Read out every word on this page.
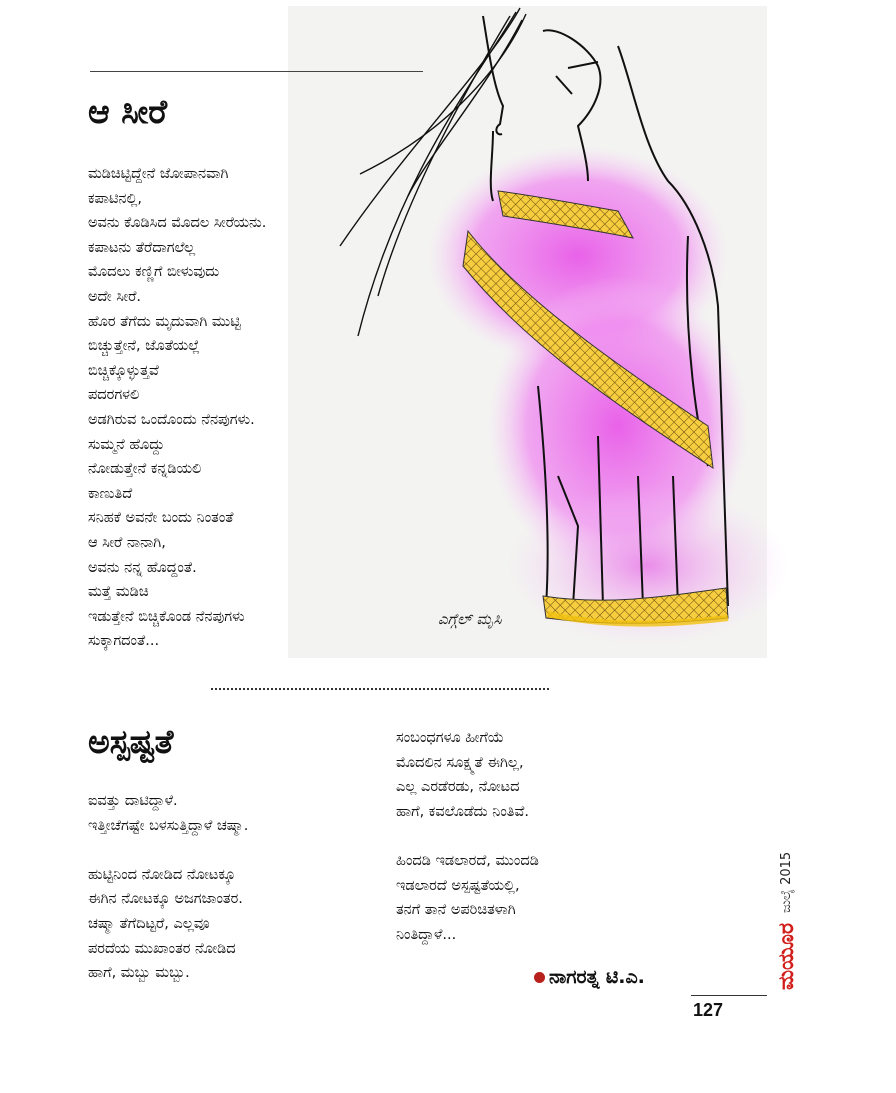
ಎಗ್ಗೆಲ್ ಮೃಸಿ
ಆ ಸೀರೆ
ಮಡಿಚಿಟ್ಟಿದ್ದೇನೆ ಜೋಪಾನವಾಗಿ
ಕಪಾಟಿನಲ್ಲಿ,
ಅವನು ಕೊಡಿಸಿದ ಮೊದಲ ಸೀರೆಯನು.
ಕಪಾಟನು ತೆರೆದಾಗಲೆಲ್ಲ
ಮೊದಲು ಕಣ್ಣಿಗೆ ಬೀಳುವುದು
ಅದೇ ಸೀರೆ.
ಹೊರ ತೆಗೆದು ಮೃದುವಾಗಿ ಮುಟ್ಟಿ
ಬಿಚ್ಚುತ್ತೇನೆ, ಜೊತೆಯಲ್ಲೆ
ಬಿಚ್ಚಿಕ್ಕೊಳ್ಳುತ್ತವೆ
ಪದರಗಳಲಿ
ಅಡಗಿರುವ ಒಂದೊಂದು ನೆನಪುಗಳು.
ಸುಮ್ಮನೆ ಹೊದ್ದು
ನೋಡುತ್ತೇನೆ ಕನ್ನಡಿಯಲಿ
ಕಾಣುತಿದೆ
ಸನಿಹಕೆ ಅವನೇ ಬಂದು ನಿಂತಂತೆ
ಆ ಸೀರೆ ನಾನಾಗಿ,
ಅವನು ನನ್ನ ಹೊದ್ದಂತೆ.
ಮತ್ತೆ ಮಡಿಚಿ
ಇಡುತ್ತೇನೆ ಬಿಚ್ಚಿಕೊಂಡ ನೆನಪುಗಳು
ಸುಕ್ಕಾಗದಂತೆ...
ಅಸ್ಪಷ್ಟತೆ
ಐವತ್ತು ದಾಟಿದ್ದಾಳೆ.
ಇತ್ತೀಚೆಗಷ್ಟೇ ಬಳಸುತ್ತಿದ್ದಾಳೆ ಚಷ್ಮಾ.
ಹುಟ್ಟಿನಿಂದ ನೋಡಿದ ನೋಟಕ್ಕೂ
ಈಗಿನ ನೋಟಕ್ಕೂ ಅಜಗಜಾಂತರ.
ಚಷ್ಮಾ ತೆಗೆದಿಟ್ಟರೆ, ಎಲ್ಲವೂ
ಪರದೆಯ ಮುಖಾಂತರ ನೋಡಿದ
ಹಾಗೆ, ಮಬ್ಬು ಮಬ್ಬು.
ಸಂಬಂಧಗಳೂ ಹೀಗೆಯೆ
ಮೊದಲಿನ ಸೂಕ್ಷ್ಮತೆ ಈಗಿಲ್ಲ,
ಎಲ್ಲ ಎರಡೆರಡು, ನೋಟದ
ಹಾಗೆ, ಕವಲೊಡೆದು ನಿಂತಿವೆ.
ಹಿಂದಡಿ ಇಡಲಾರದೆ, ಮುಂದಡಿ
ಇಡಲಾರದೆ ಅಸ್ಪಷ್ಟತೆಯಲ್ಲಿ,
ತನಗೆ ತಾನೆ ಅಪರಿಚಿತಳಾಗಿ
ನಿಂತಿದ್ದಾಳೆ...
ನಾಗರತ್ನ ಟಿ.ಎ.	ಮಯೂರ
ಜುಲೈ 2015
127
